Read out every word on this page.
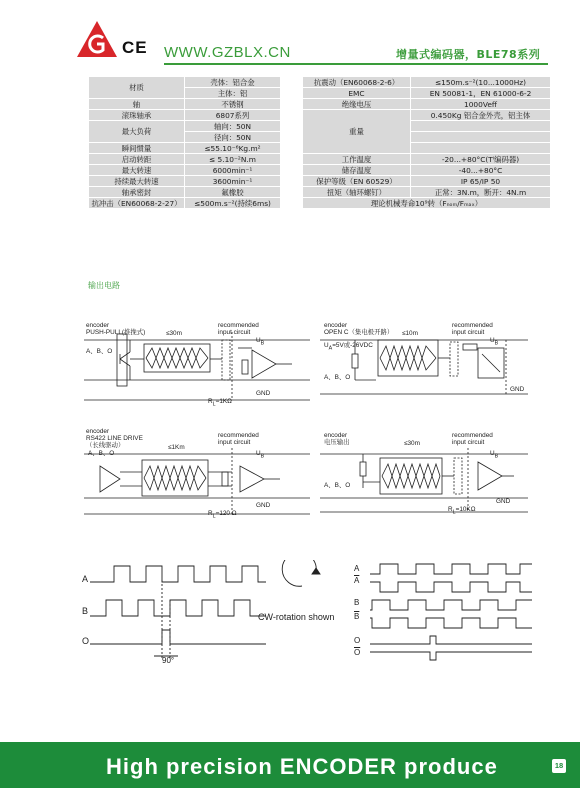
CE WWW.GZBLX.CN	增量式编码器，BLE78系列
材质	壳体：铝合金
	主体：铝
轴	不锈钢
滚珠轴承	6807系列
最大负荷	轴向：50N
	径向：50N
瞬间惯量	≤55.10⁻⁶Kg.m²
启动转距	≤ 5.10⁻²N.m
最大转速	6000min⁻¹
持续最大转速	3600min⁻¹
轴承密封	氟橡胶
抗冲击（EN60068-2-27）	≤500m.s⁻²(持续6ms)
抗震动（EN60068-2-6）	≤150m.s⁻²(10...1000Hz)
EMC	EN 50081-1，EN 61000-6-2
绝缘电压	1000Veff
重量	0.450Kg 铝合金外壳，铝主体

工作温度	-20...+80°C(Tⁱ编码器)
储存温度	-40...+80°C
保护等级（EN 60529）	IP 65/IP 50
扭矩（轴环螺钉）	正常：3N.m，断开：4N.m
理论机械寿命10⁹转（Fₙₒₘ/Fₘₐₓ）	
输出电路
encoder
PUSH-PULL(推挽式)	≤30m
recommended
input circuit
$U_B$
A、B、O
GND
$R_L=1K\Omega$
encoder
OPEN C（集电极开路） ≤10m
recommended
input circuit
$U_B$
$U_A=5V$或-26VDC
A、B、O
GND
encoder
RS422 LINE DRIVE
（长线驱动）	≤1Km
recommended
input circuit
$U_B$
A、B、O
GND
$R_L=120$ Ω
encoder
电压输出	≤30m
recommended
input circuit
$U_B$
A、B、O
GND
$R_L=10K\Omega$
A
B
O
90°
CW-rotation shown
A
$\overline{A}$
B
$\overline{B}$
O
$\overline{O}$
High precision ENCODER produce	18
